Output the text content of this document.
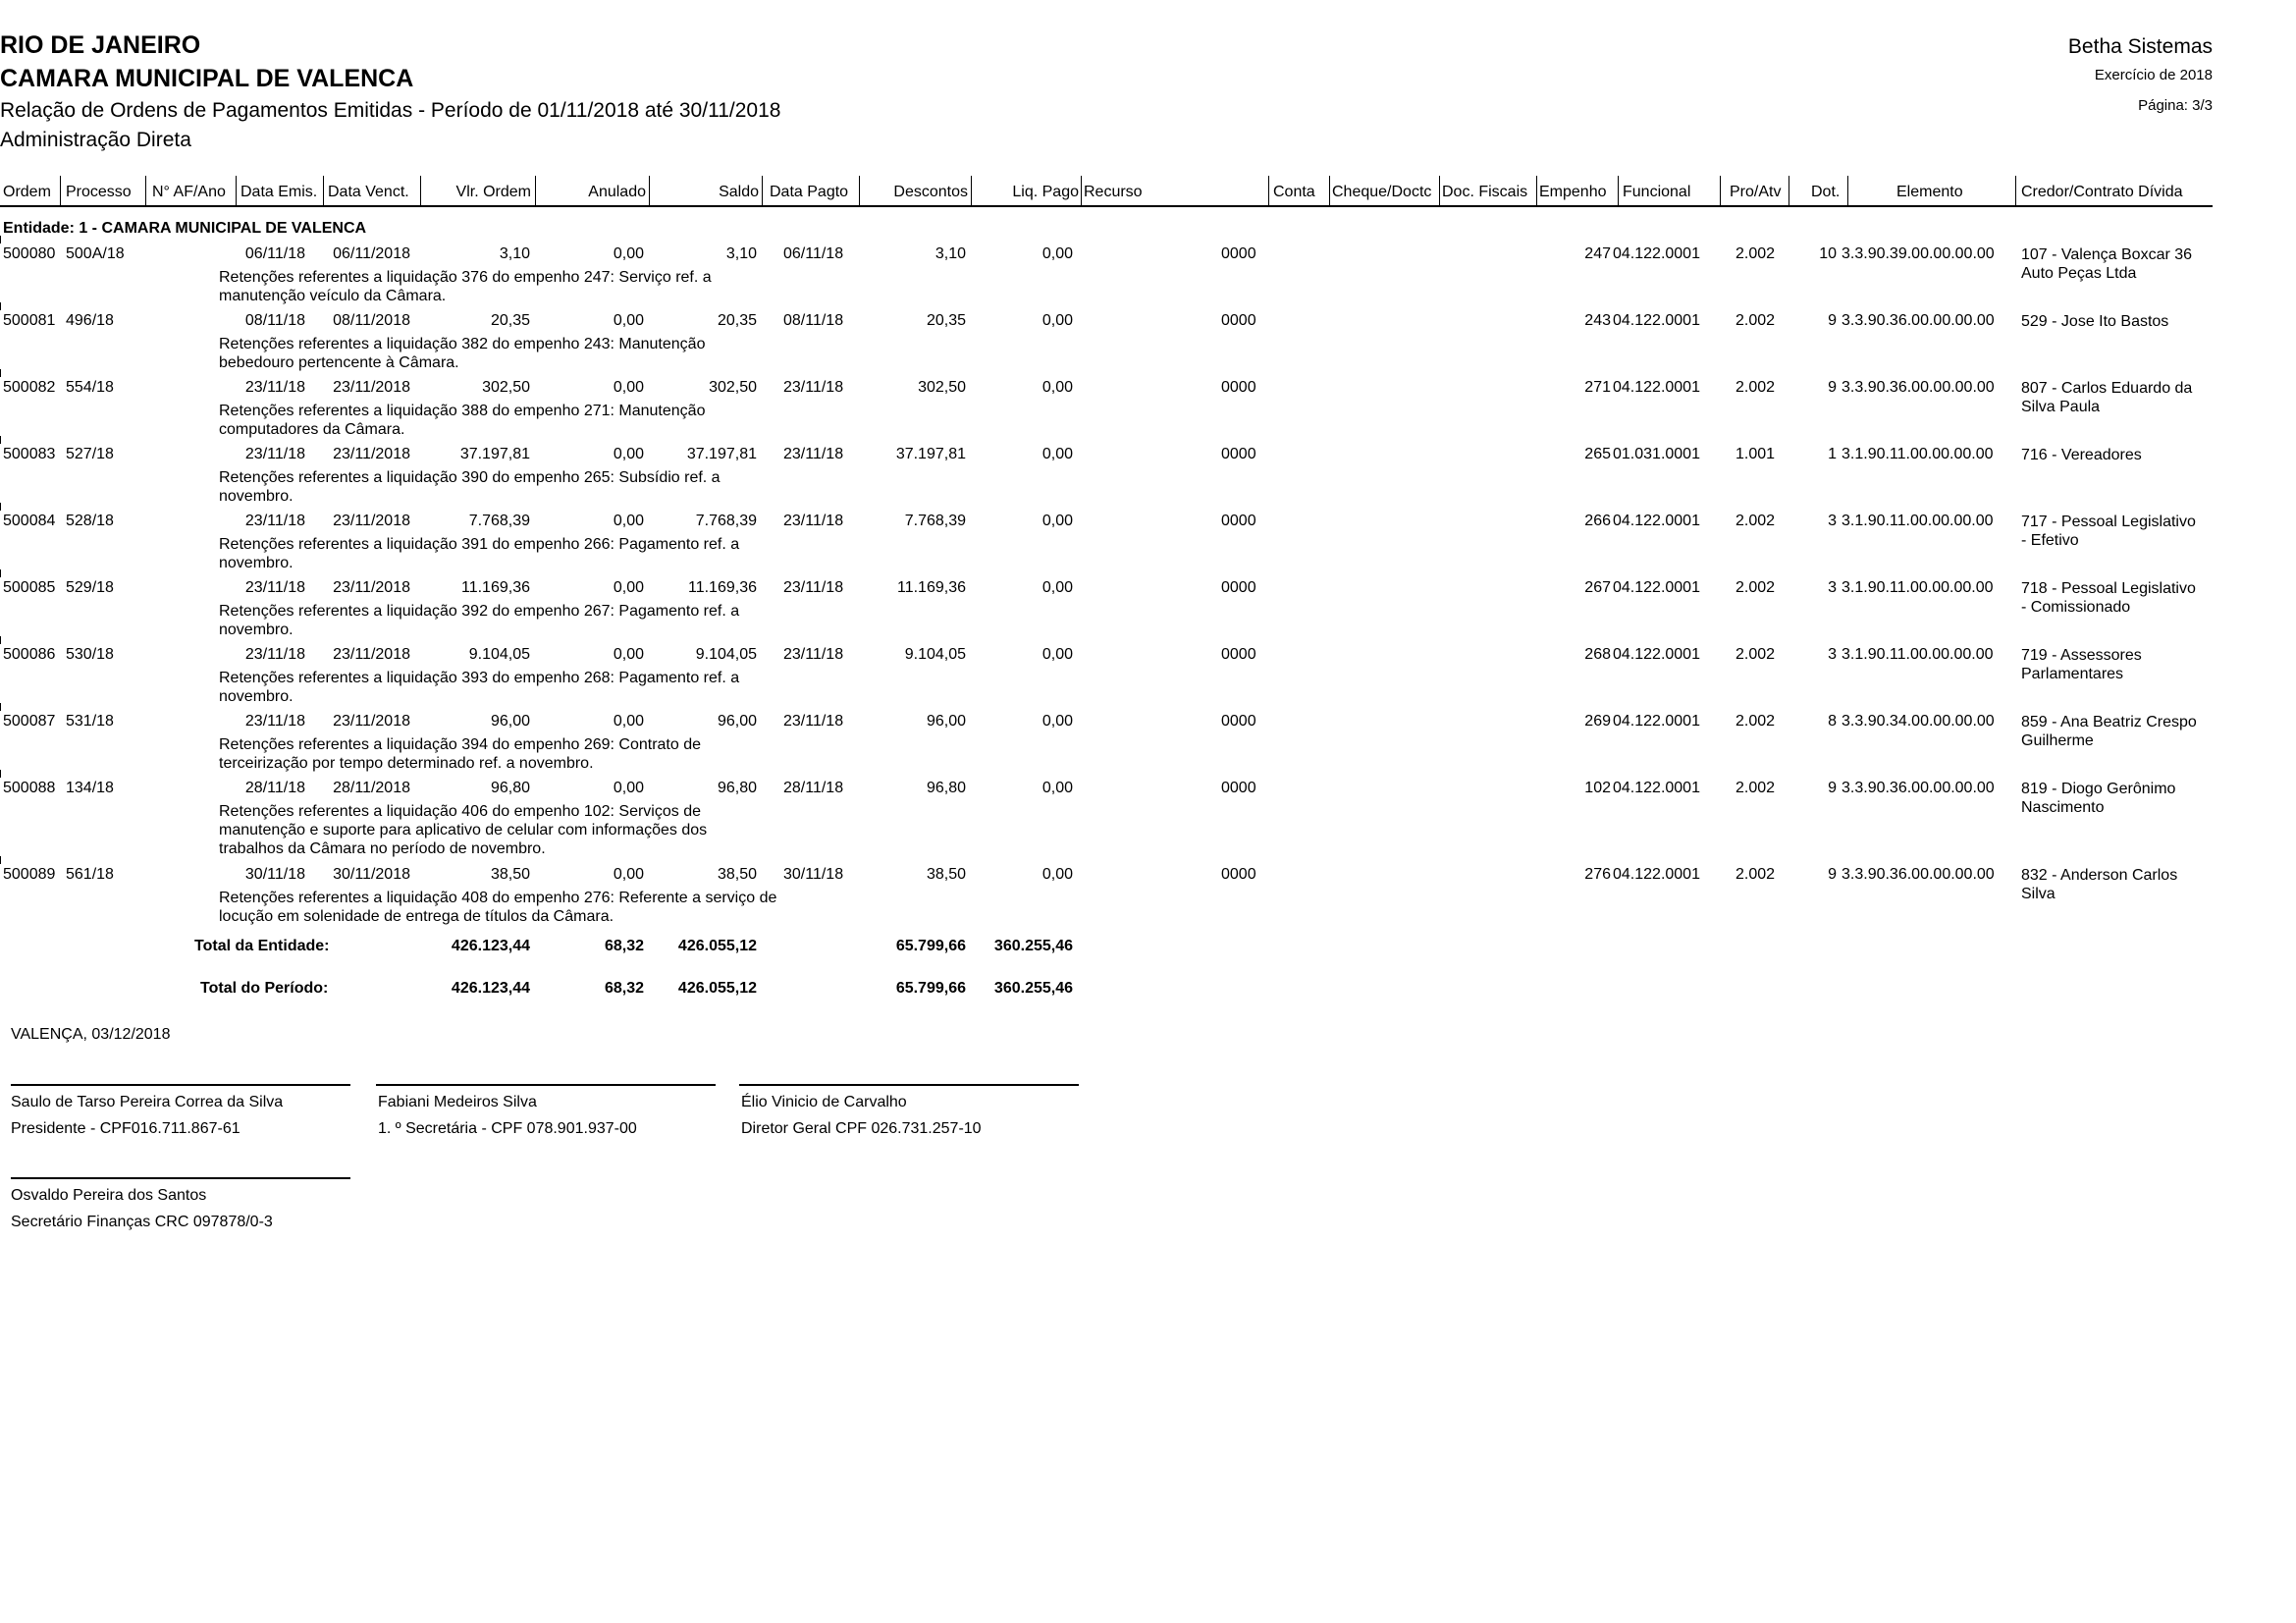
RIO DE JANEIRO
CAMARA MUNICIPAL DE VALENCA
Relação de Ordens de Pagamentos Emitidas - Período de 01/11/2018 até 30/11/2018
Administração Direta
Betha Sistemas
Exercício de 2018
Página: 3/3
Ordem Processo N° AF/Ano Data Emis. Data Venct.	Vlr. Ordem	Anulado	Saldo Data Pagto	Descontos	Liq. Pago Recurso	Conta Cheque/Doctc Doc. Fiscais Empenho Funcional Pro/Atv Dot.	Elemento	Credor/Contrato Dívida
Entidade: 1 - CAMARA MUNICIPAL DE VALENCA
500080 500A/18	06/11/18 06/11/2018	3,10	0,00	3,10 06/11/18	3,10	0,00	0000	247 04.122.0001 2.002	10 3.3.90.39.00.00.00.00 107 - Valença Boxcar 36 Auto Peças Ltda
Retenções referentes a liquidação 376 do empenho 247: Serviço ref. a manutenção veículo da Câmara.
500081 496/18	08/11/18 08/11/2018	20,35	0,00	20,35 08/11/18	20,35	0,00	0000	243 04.122.0001 2.002	9 3.3.90.36.00.00.00.00 529 - Jose Ito Bastos
Retenções referentes a liquidação 382 do empenho 243: Manutenção bebedouro pertencente à Câmara.
500082 554/18	23/11/18 23/11/2018	302,50	0,00	302,50 23/11/18	302,50	0,00	0000	271 04.122.0001 2.002	9 3.3.90.36.00.00.00.00 807 - Carlos Eduardo da Silva Paula
Retenções referentes a liquidação 388 do empenho 271: Manutenção computadores da Câmara.
500083 527/18	23/11/18 23/11/2018	37.197,81	0,00	37.197,81 23/11/18	37.197,81	0,00	0000	265 01.031.0001 1.001	1 3.1.90.11.00.00.00.00 716 - Vereadores
Retenções referentes a liquidação 390 do empenho 265: Subsídio ref. a novembro.
500084 528/18	23/11/18 23/11/2018	7.768,39	0,00	7.768,39 23/11/18	7.768,39	0,00	0000	266 04.122.0001 2.002	3 3.1.90.11.00.00.00.00 717 - Pessoal Legislativo - Efetivo
Retenções referentes a liquidação 391 do empenho 266: Pagamento ref. a novembro.
500085 529/18	23/11/18 23/11/2018	11.169,36	0,00	11.169,36 23/11/18	11.169,36	0,00	0000	267 04.122.0001 2.002	3 3.1.90.11.00.00.00.00 718 - Pessoal Legislativo - Comissionado
Retenções referentes a liquidação 392 do empenho 267: Pagamento ref. a novembro.
500086 530/18	23/11/18 23/11/2018	9.104,05	0,00	9.104,05 23/11/18	9.104,05	0,00	0000	268 04.122.0001 2.002	3 3.1.90.11.00.00.00.00 719 - Assessores Parlamentares
Retenções referentes a liquidação 393 do empenho 268: Pagamento ref. a novembro.
500087 531/18	23/11/18 23/11/2018	96,00	0,00	96,00 23/11/18	96,00	0,00	0000	269 04.122.0001 2.002	8 3.3.90.34.00.00.00.00 859 - Ana Beatriz Crespo Guilherme
Retenções referentes a liquidação 394 do empenho 269: Contrato de terceirização por tempo determinado ref. a novembro.
500088 134/18	28/11/18 28/11/2018	96,80	0,00	96,80 28/11/18	96,80	0,00	0000	102 04.122.0001 2.002	9 3.3.90.36.00.00.00.00 819 - Diogo Gerônimo Nascimento
Retenções referentes a liquidação 406 do empenho 102: Serviços de manutenção e suporte para aplicativo de celular com informações dos trabalhos da Câmara no período de novembro.
500089 561/18	30/11/18 30/11/2018	38,50	0,00	38,50 30/11/18	38,50	0,00	0000	276 04.122.0001 2.002	9 3.3.90.36.00.00.00.00 832 - Anderson Carlos Silva
Retenções referentes a liquidação 408 do empenho 276: Referente a serviço de locução em solenidade de entrega de títulos da Câmara.
Total da Entidade:	426.123,44	68,32 426.055,12	65.799,66 360.255,46
Total do Período:	426.123,44	68,32 426.055,12	65.799,66 360.255,46
VALENÇA, 03/12/2018
Saulo de Tarso Pereira Correa da Silva
Presidente - CPF016.711.867-61
Fabiani Medeiros Silva
1. º Secretária - CPF 078.901.937-00
Élio Vinicio de Carvalho
Diretor Geral CPF 026.731.257-10
Osvaldo Pereira dos Santos
Secretário Finanças CRC 097878/0-3
